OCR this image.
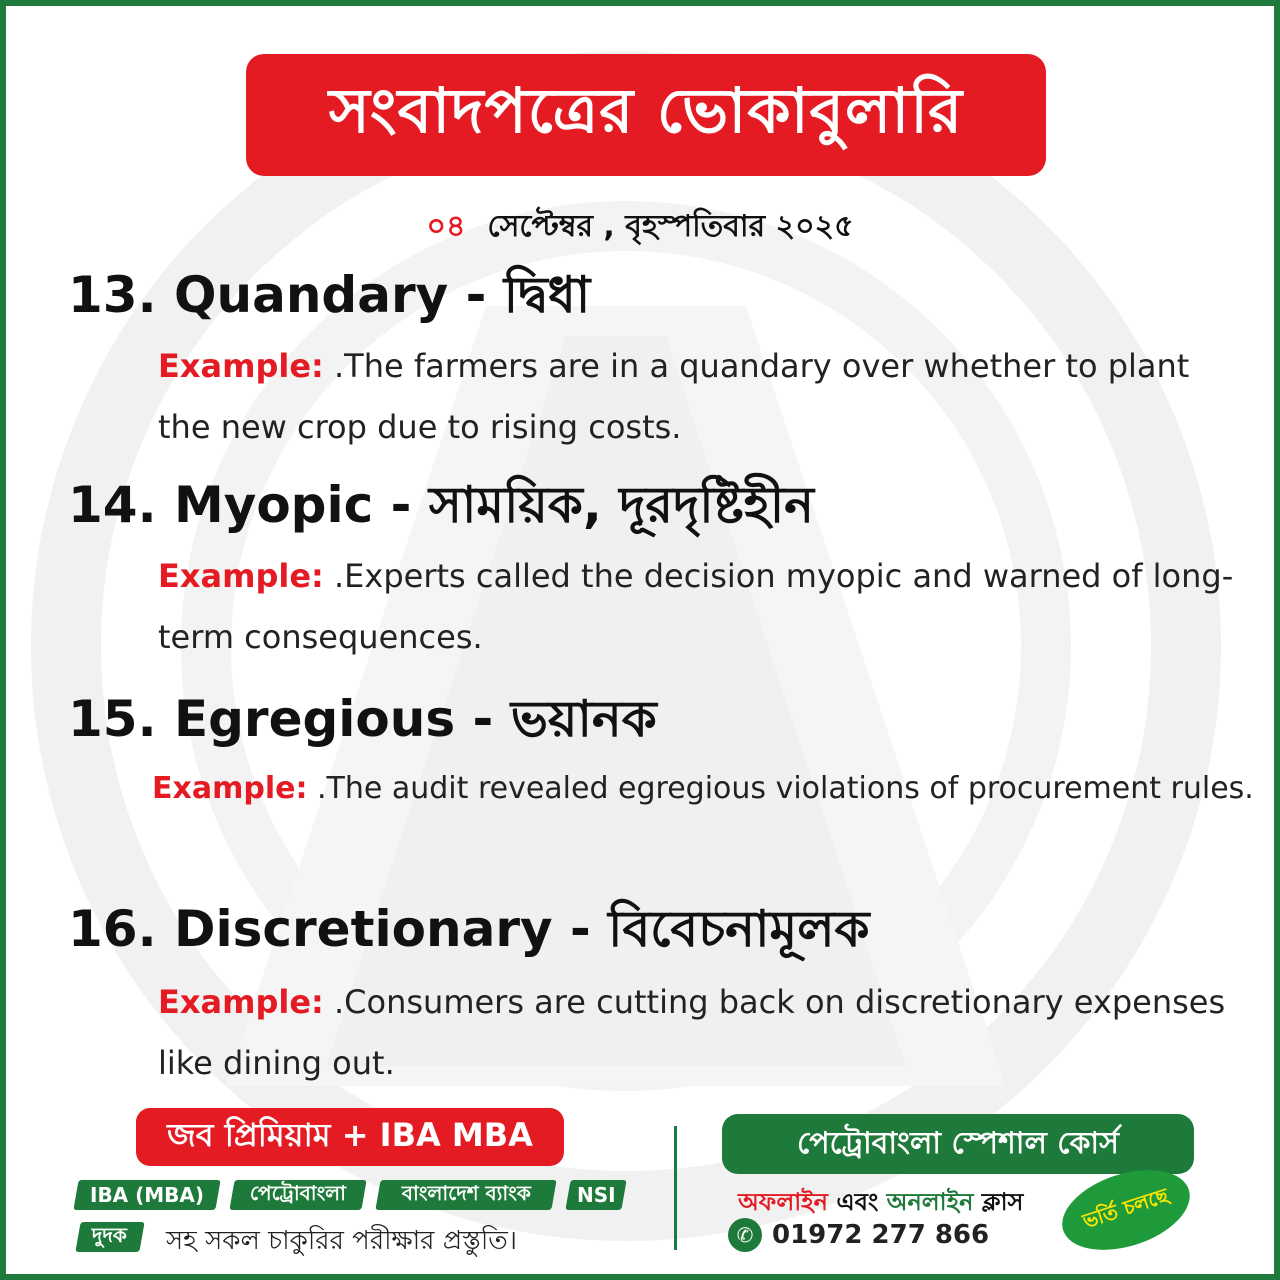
সংবাদপত্রের ভোকাবুলারি
০৪ সেপ্টেম্বর , বৃহস্পতিবার ২০২৫
13. Quandary - দ্বিধা
Example: .The farmers are in a quandary over whether to plant the new crop due to rising costs.
14. Myopic - সাময়িক, দূরদৃষ্টিহীন
Example: .Experts called the decision myopic and warned of long-term consequences.
15. Egregious - ভয়ানক
Example: .The audit revealed egregious violations of procurement rules.
16. Discretionary - বিবেচনামূলক
Example: .Consumers are cutting back on discretionary expenses like dining out.
জব প্রিমিয়াম + IBA MBA
IBA (MBA) পেট্রোবাংলা	বাংলাদেশ ব্যাংক NSI
দুদক সহ সকল চাকুরির পরীক্ষার প্রস্তুতি।
পেট্রোবাংলা স্পেশাল কোর্স
অফলাইন এবং অনলাইন ক্লাস
✆ 01972 277 866
ভর্তি চলছে
